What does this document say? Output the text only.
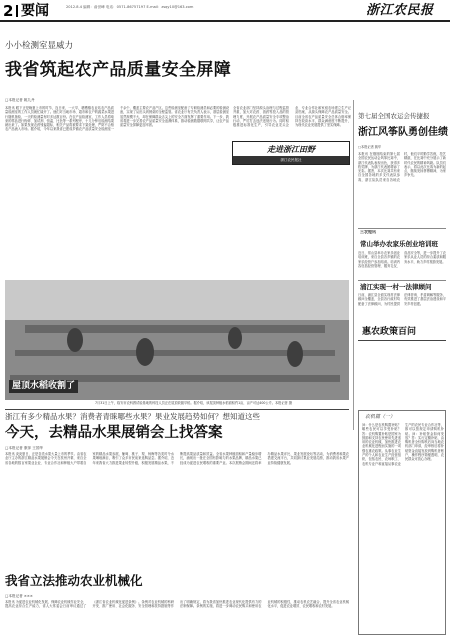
2 要闻	2012.8.4 编辑：俞世峰 电话：0571-86757197 E-mail：zsqy10@163.com	浙江农民报
小小检测室显威力
我省筑起农产品质量安全屏障
□本报记者 姚九丹
本报讯 眼下正是晚夏上市的时节，连日来，一大早，塘栖镇农业站农产品质量检测室的工作人员就忙碌开了。他们对当地市场、超市和农户的蔬菜水果进行随机抽检，一天的检测量有时多达数百份。在农产品检测室，工作人员将取来的样品进行粉碎、加试剂、恒温、比色等一系列程序，十几分钟后检测结果就出来了。如果发现农药残留超标，相关产品将被要求下架处理，严防不合格农产品流入市场。据介绍，今年以来我省已建成乡镇农产品质量安全检测室一千余个，覆盖主要农产品产区。这些检测室配备了专职检测员和必要的检测设备，实现了从田头到餐桌的全程监管。省农业厅有关负责人表示，基层检测室虽然规模不大，却在保障群众舌尖上的安全方面发挥了重要作用。下一步，我省将进一步完善农产品质量安全追溯体系，推动检测数据联网共享，让农产品质量安全屏障更加牢固。
全省农业部门坚持源头治理与过程监管并重，加大对农药、兽药等投入品的管理力度，开展农产品质量安全专项整治行动，严厉打击违法违规行为。同时积极推进标准化生产，引导农业龙头企业、专业合作社和家庭农场建立生产记录档案，从源头保障农产品质量安全。目前全省农产品质量安全总体合格率保持在较高水平，群众满意度不断提升，为现代农业发展提供了坚实保障。
走进浙江田野
浙江农民报社
屋顶水稻收割了
7月31日上午，临安市农科教试验基地的科技人员正在屋顶收割早稻。据介绍，该屋顶种植水稻面积约1亩，亩产可达400公斤。本报记者 摄
第七届全国农运会传捷报
浙江风筝队勇创佳绩
□本报记者 姚华
本报讯 在刚刚结束的第七届全国农民运动会风筝比赛中，浙江代表队表现出色，获得多枚奖牌，为浙江代表团增添了光彩。据悉，本次比赛共有来自全国各地的多支代表队参赛，浙江队队员来自各地农村，他们平时勤学苦练，技艺精湛，在比赛中充分展示了新时代农民的精神风貌。队员们表示，将以此次比赛为新的起点，继续发扬拼搏精神，为家乡争光。
三农短讯
常山举办农家乐创业培训班
近日，常山县举办农家乐创业培训班，来自全县各乡镇的农家乐经营户参加培训。培训内容包括经营管理、服务礼仪、食品安全等，进一步提升了农家乐从业人员的综合素质和服务水平，助力乡村旅游发展。
浦江实现一村一法律顾问
日前，浦江县全面实现村法律顾问全覆盖，全县各行政村均配备了法律顾问，为村民提供法律咨询、矛盾调解等服务，有效推进了基层法治建设和平安乡村创建。
惠农政策百问
农机篇（一）
问：什么是农机购置补贴？哪些农民可以享受补贴？答：农机购置补贴是国家为鼓励和支持农民使用先进适用的农业机械，加快推进农业机械化进程而实施的一项强农惠农政策。从事农业生产的个人和农业生产经营组织，包括农民、农场职工、农机专业户和直接从事农业生产的农民专业合作社等，都可以按规定申请购机补贴。问：补贴资金如何发放？答：实行定额补贴，由购机者全价购机后向当地农机部门申请，经审核后将补贴资金直接发放到购机者账户，操作程序简便透明，农民群众可放心办理。
浙江有多少精品水果？消费者青睐哪些水果？果业发展趋势如何？想知道这些
今天，去精品水果展销会上找答案
□本报记者 康萍 王国华
本报讯 炎炎夏日，正是各类水果大量上市的季节。由省农业厅主办的浙江精品水果展销会今天在杭州开幕，来自全省各地的数百家果业企业、专业合作社和种植大户带着自家的精品水果参展，葡萄、桃子、梨、杨梅等各类时令水果琳琅满目，吸引了众多市民前来选购品尝。据介绍，近年来我省大力推进果业转型升级，积极发展精品水果，不断提高果品质量和效益。全省水果种植面积和产量稳步增长，涌现出一批在全国有影响力的水果品牌，精品水果已经成为促进农民增收的重要产业。本次展销会期间还将举办精品水果评比、果业发展论坛等活动，为消费者和果农搭建交流平台，共同探讨果业发展趋势，推动我省水果产业持续健康发展。
我省立法推动农业机械化
□本报记者 ×××
本报讯 为促进农业机械化发展，保障农业机械作业安全，提高农业综合生产能力，省人大常委会日前审议通过了《浙江省农业机械化促进条例》。条例对农业机械的科研开发、推广使用、社会化服务、安全管理和扶持措施等作出了明确规定，将为我省加快推进农业现代化提供有力的法制保障。条例的实施，将进一步调动农民购买和使用农业机械的积极性，推动农机农艺融合，提升全省农业机械化水平，促进农业增效、农民增收和农村发展。
